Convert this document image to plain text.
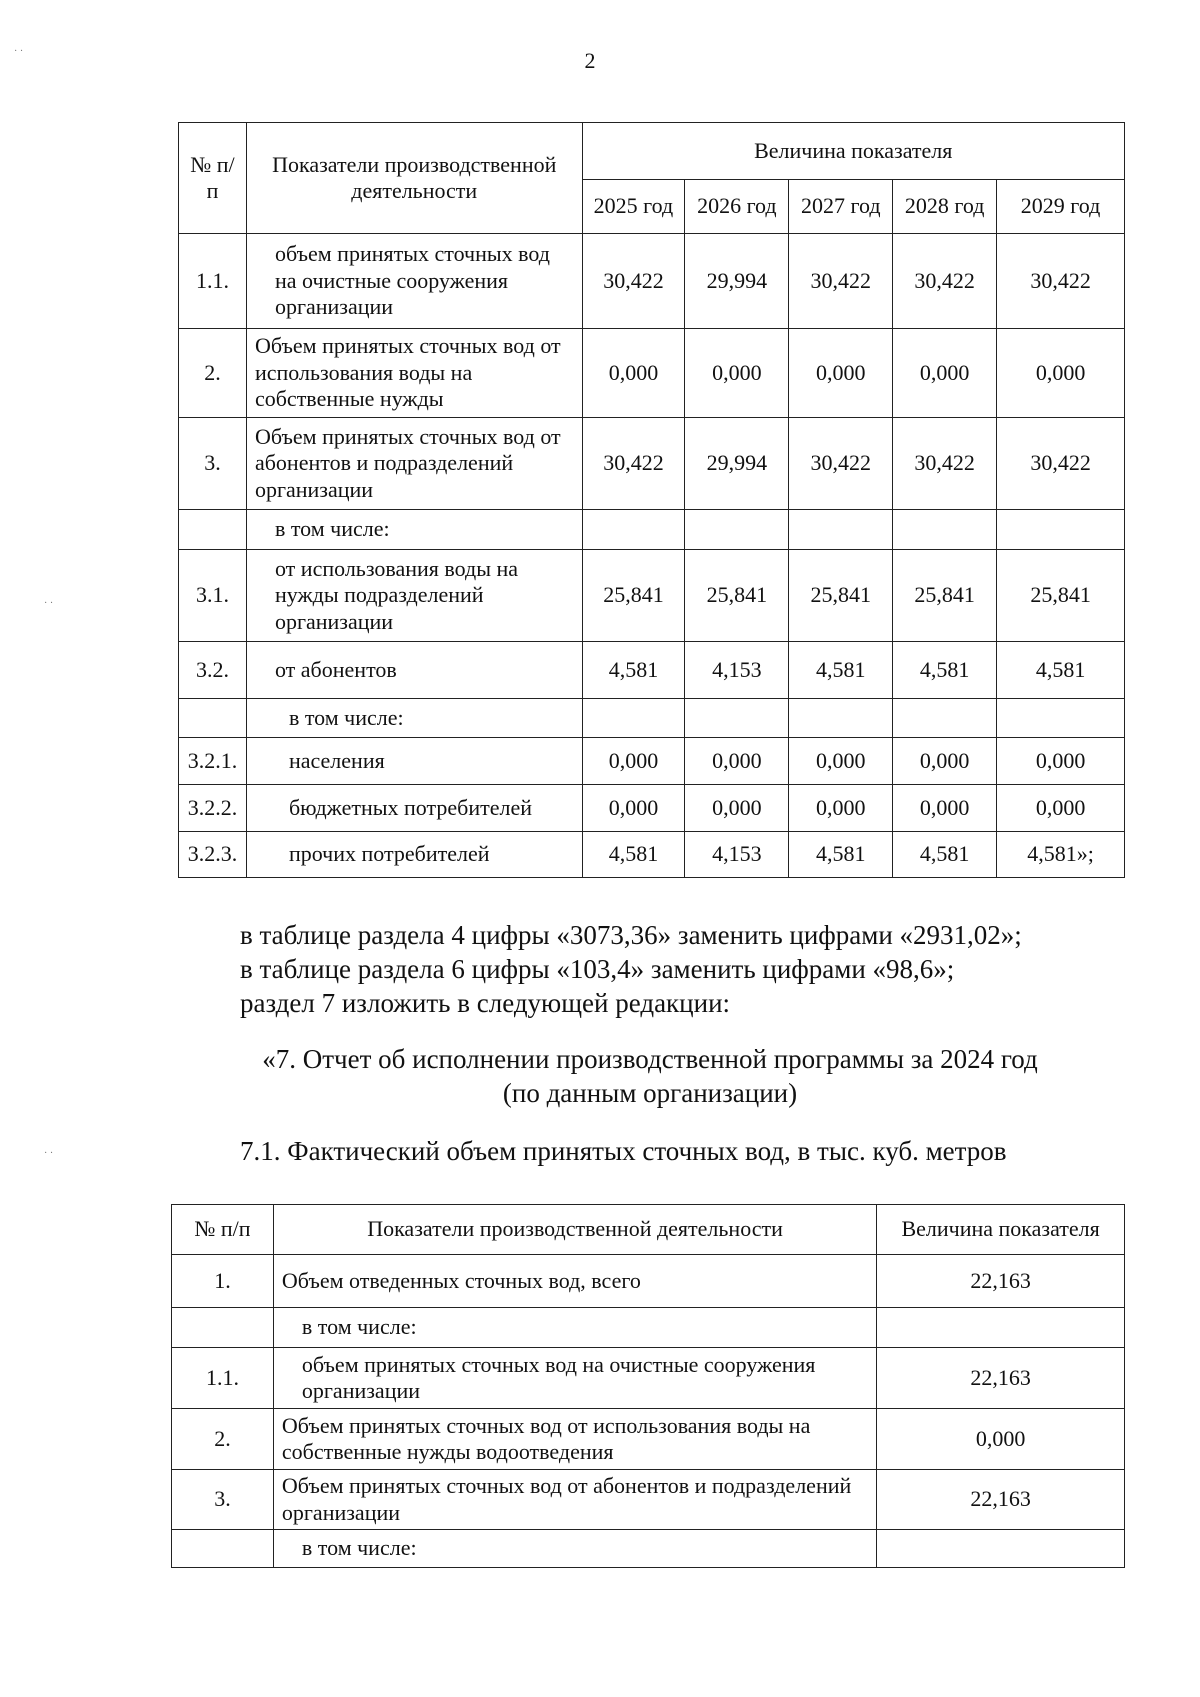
2
№ п/п	Показатели производственной деятельности	Величина показателя				
		2025 год	2026 год	2027 год	2028 год	2029 год
1.1.	объем принятых сточных вод на очистные сооружения организации	30,422	29,994	30,422	30,422	30,422
2.	Объем принятых сточных вод от использования воды на собственные нужды	0,000	0,000	0,000	0,000	0,000
3.	Объем принятых сточных вод от абонентов и подразделений организации	30,422	29,994	30,422	30,422	30,422
	в том числе:					
3.1.	от использования воды на нужды подразделений организации	25,841	25,841	25,841	25,841	25,841
3.2.	от абонентов	4,581	4,153	4,581	4,581	4,581
	в том числе:					
3.2.1.	населения	0,000	0,000	0,000	0,000	0,000
3.2.2.	бюджетных потребителей	0,000	0,000	0,000	0,000	0,000
3.2.3.	прочих потребителей	4,581	4,153	4,581	4,581	4,581»;
в таблице раздела 4 цифры «3073,36» заменить цифрами «2931,02»;
в таблице раздела 6 цифры «103,4» заменить цифрами «98,6»;
раздел 7 изложить в следующей редакции:
«7. Отчет об исполнении производственной программы за 2024 год
(по данным организации)
7.1. Фактический объем принятых сточных вод, в тыс. куб. метров
№ п/п	Показатели производственной деятельности	Величина показателя
1.	Объем отведенных сточных вод, всего	22,163
	в том числе:	
1.1.	объем принятых сточных вод на очистные сооружения организации	22,163
2.	Объем принятых сточных вод от использования воды на собственные нужды водоотведения	0,000
3.	Объем принятых сточных вод от абонентов и подразделений организации	22,163
	в том числе:	
· ·
· ·
· ·
